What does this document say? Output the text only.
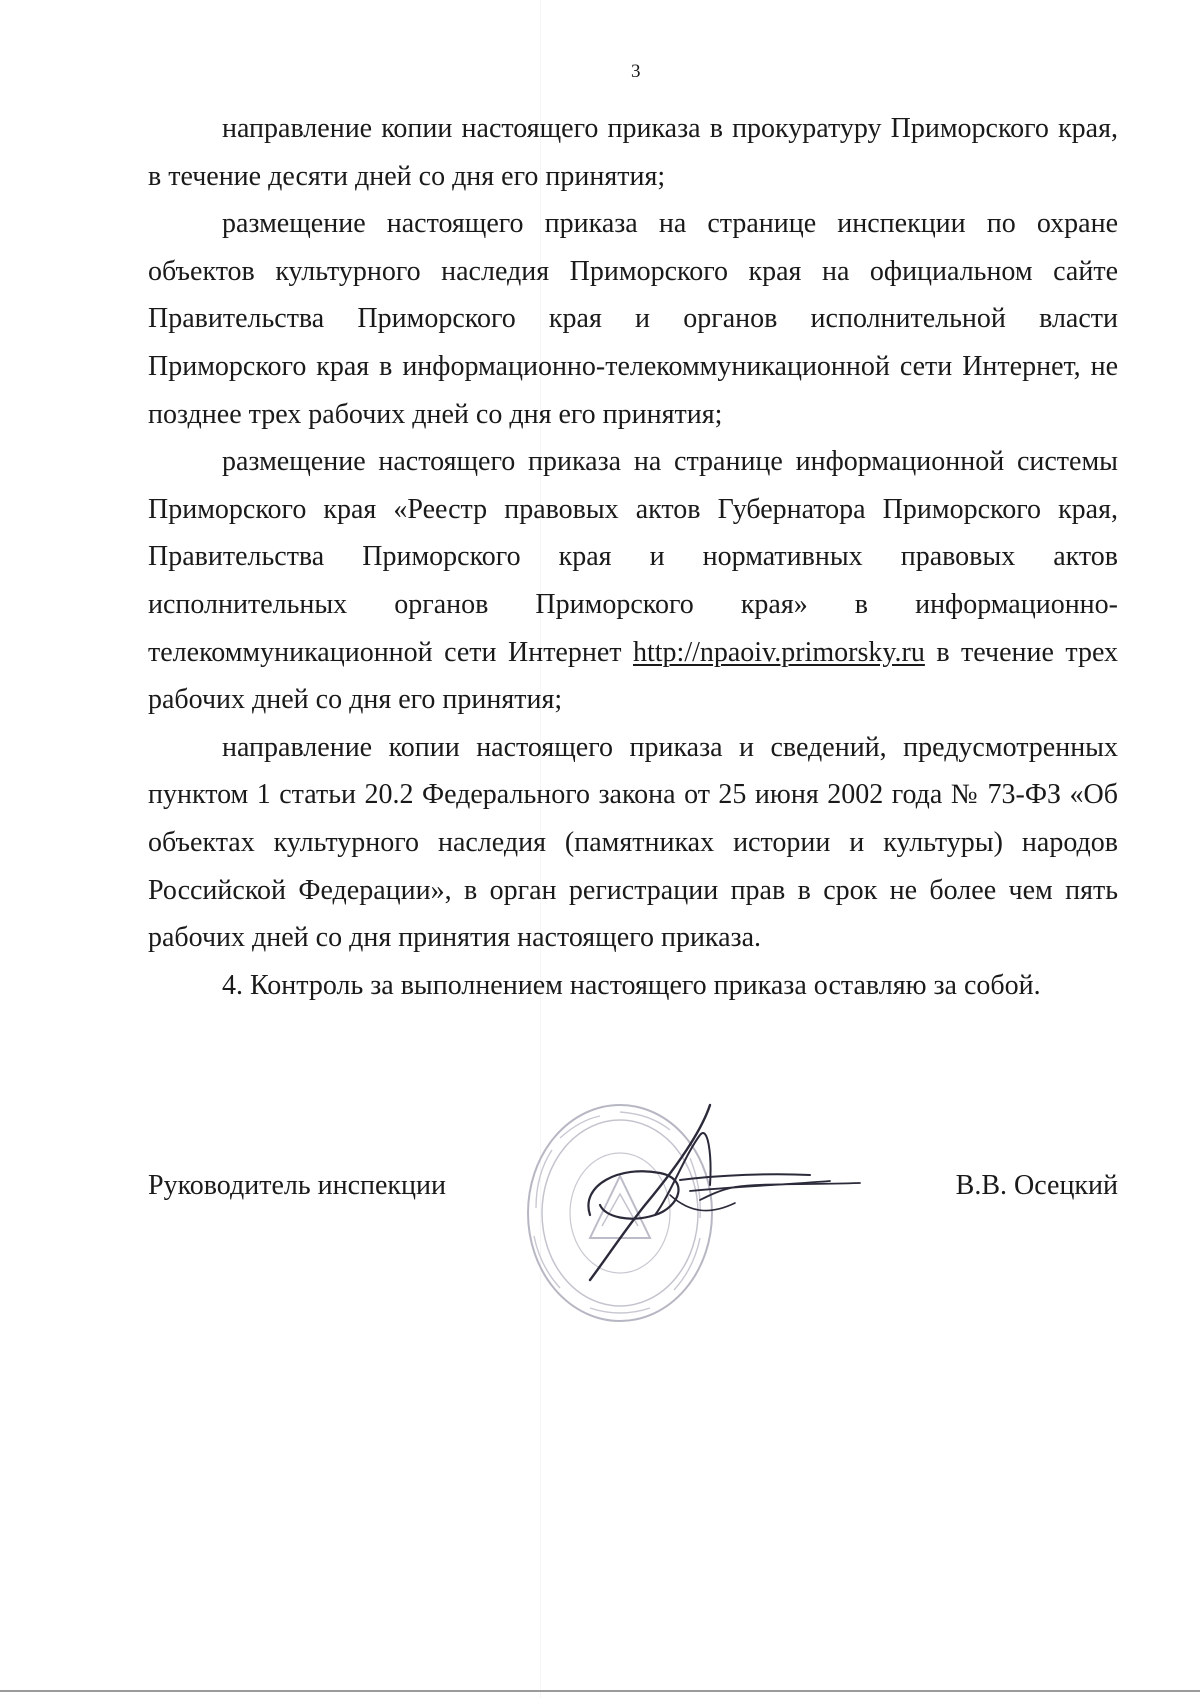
3

направление копии настоящего приказа в прокуратуру Приморского края, в течение десяти дней со дня его принятия;

размещение настоящего приказа на странице инспекции по охране объектов культурного наследия Приморского края на официальном сайте Правительства Приморского края и органов исполнительной власти Приморского края в информационно-телекоммуникационной сети Интернет, не позднее трех рабочих дней со дня его принятия;

размещение настоящего приказа на странице информационной системы Приморского края «Реестр правовых актов Губернатора Приморского края, Правительства Приморского края и нормативных правовых актов исполнительных органов Приморского края» в информационно-телекоммуникационной сети Интернет http://npaoiv.primorsky.ru в течение трех рабочих дней со дня его принятия;

направление копии настоящего приказа и сведений, предусмотренных пунктом 1 статьи 20.2 Федерального закона от 25 июня 2002 года № 73-ФЗ «Об объектах культурного наследия (памятниках истории и культуры) народов Российской Федерации», в орган регистрации прав в срок не более чем пять рабочих дней со дня принятия настоящего приказа.

4. Контроль за выполнением настоящего приказа оставляю за собой.

Руководитель инспекции	В.В. Осецкий
